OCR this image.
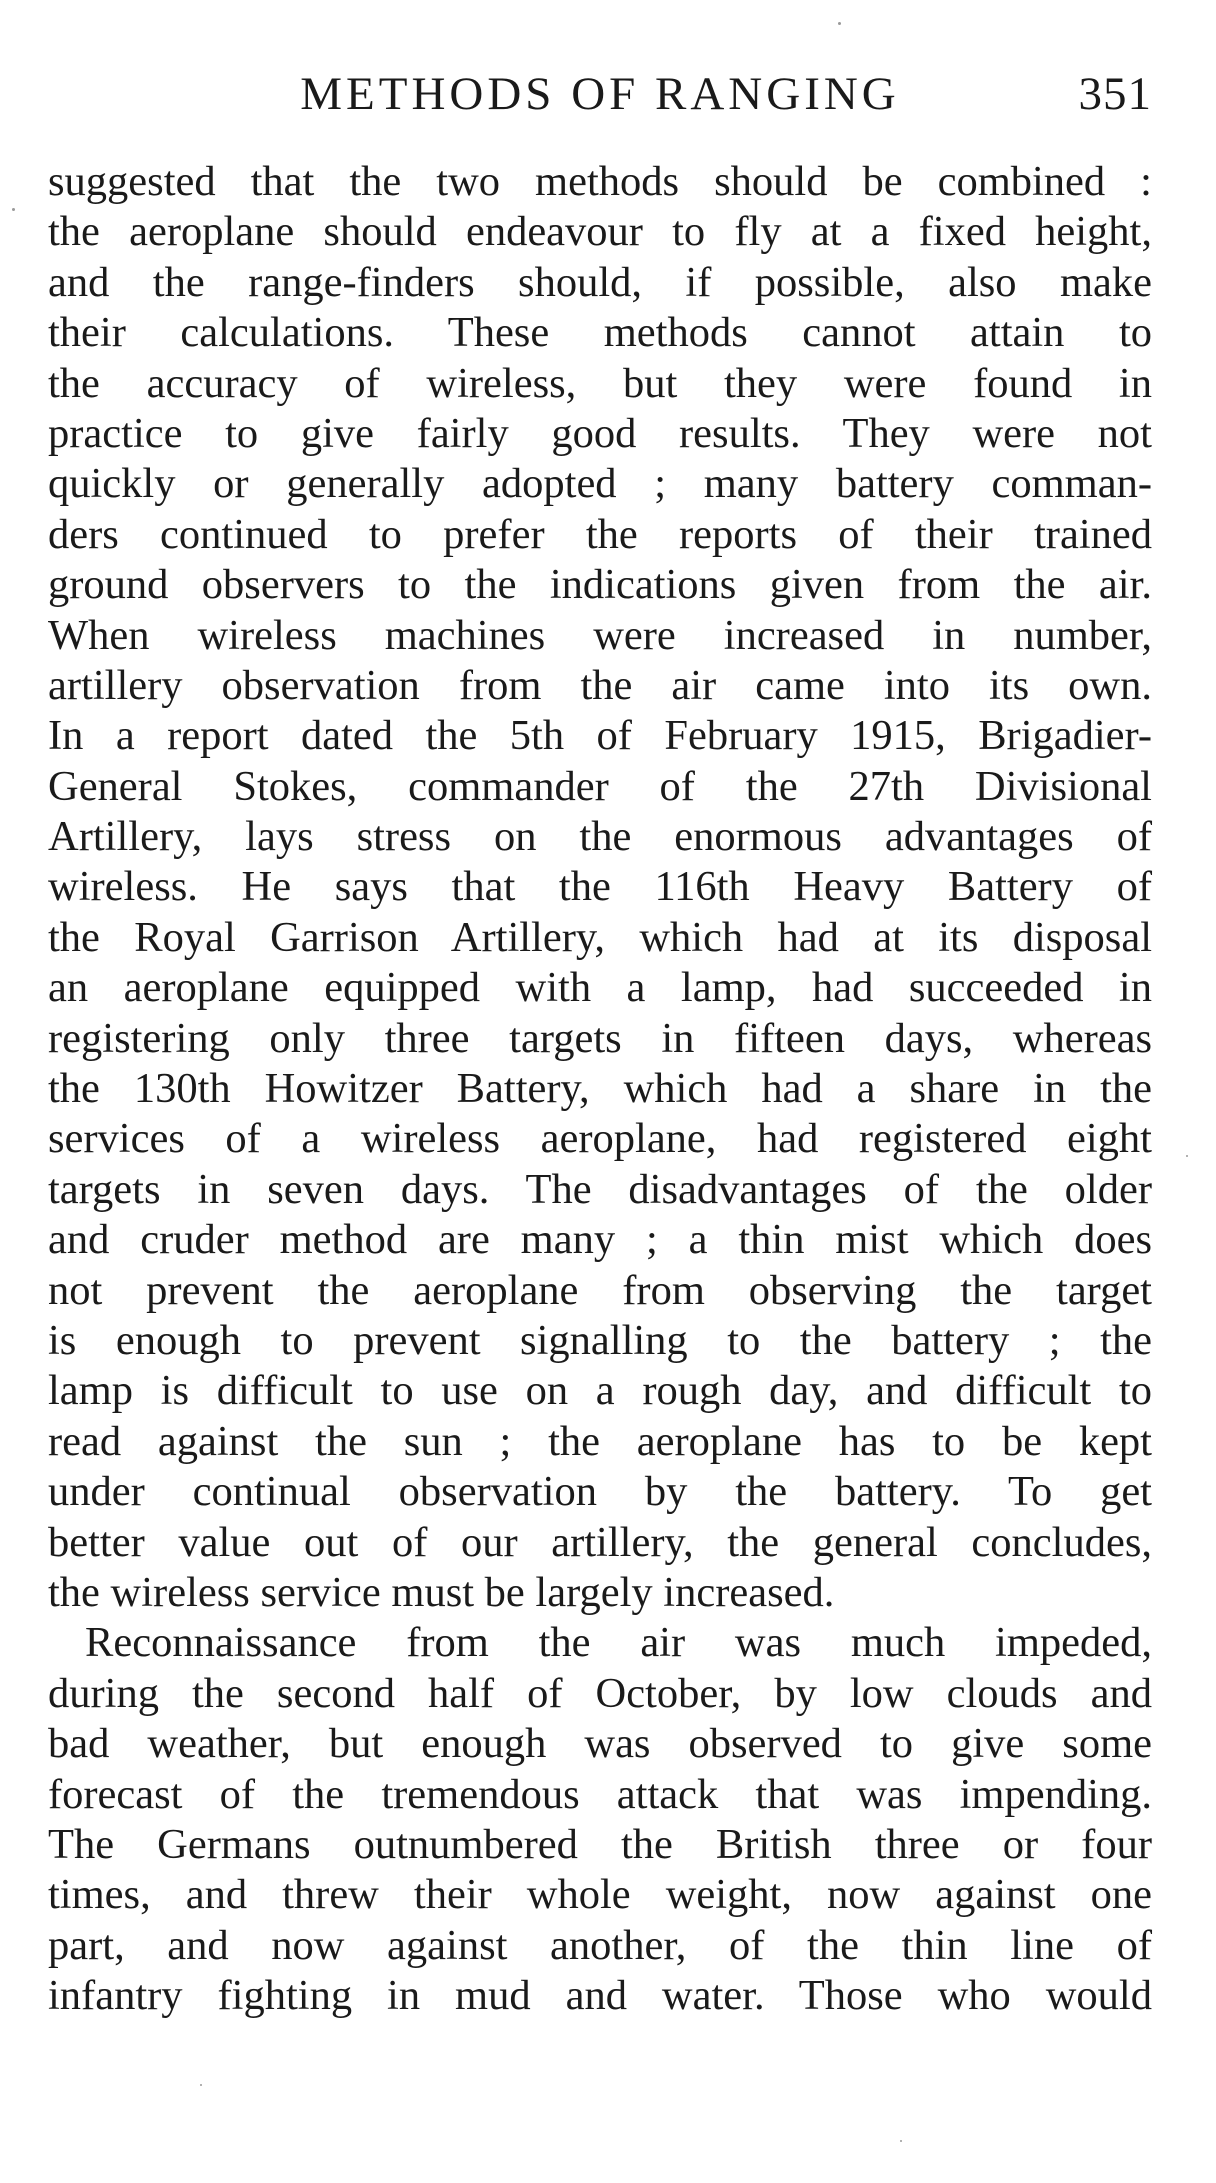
METHODS OF RANGING	351
suggested that the two methods should be combined :
the aeroplane should endeavour to fly at a fixed height,
and the range-finders should, if possible, also make
their calculations. These methods cannot attain to
the accuracy of wireless, but they were found in
practice to give fairly good results. They were not
quickly or generally adopted ; many battery comman-
ders continued to prefer the reports of their trained
ground observers to the indications given from the air.
When wireless machines were increased in number,
artillery observation from the air came into its own.
In a report dated the 5th of February 1915, Brigadier-
General Stokes, commander of the 27th Divisional
Artillery, lays stress on the enormous advantages of
wireless. He says that the 116th Heavy Battery of
the Royal Garrison Artillery, which had at its disposal
an aeroplane equipped with a lamp, had succeeded in
registering only three targets in fifteen days, whereas
the 130th Howitzer Battery, which had a share in the
services of a wireless aeroplane, had registered eight
targets in seven days. The disadvantages of the older
and cruder method are many ; a thin mist which does
not prevent the aeroplane from observing the target
is enough to prevent signalling to the battery ; the
lamp is difficult to use on a rough day, and difficult to
read against the sun ; the aeroplane has to be kept
under continual observation by the battery. To get
better value out of our artillery, the general concludes,
the wireless service must be largely increased.
Reconnaissance from the air was much impeded,
during the second half of October, by low clouds and
bad weather, but enough was observed to give some
forecast of the tremendous attack that was impending.
The Germans outnumbered the British three or four
times, and threw their whole weight, now against one
part, and now against another, of the thin line of
infantry fighting in mud and water. Those who would
